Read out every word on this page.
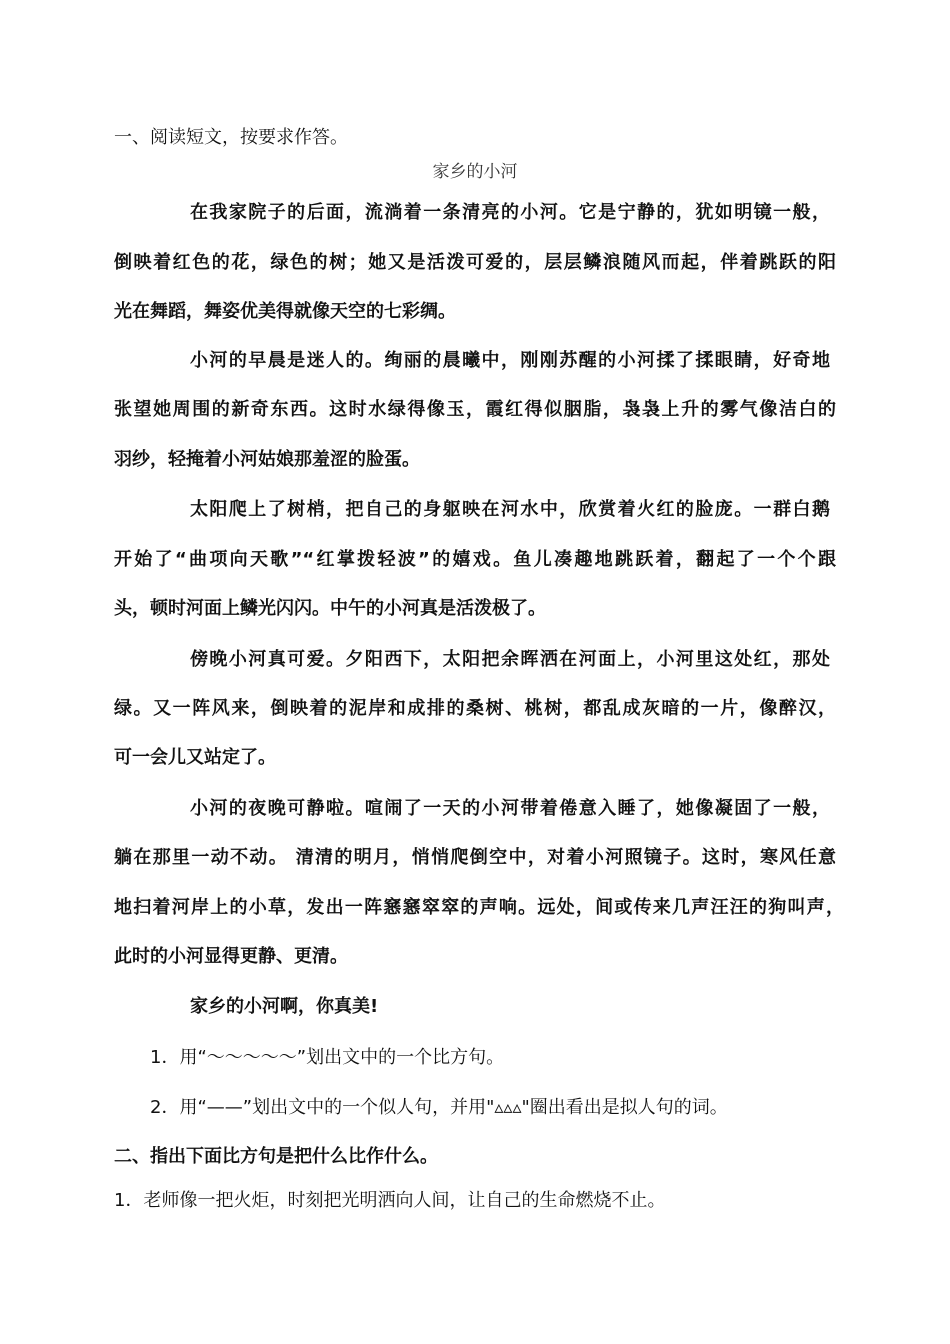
一、阅读短文，按要求作答。
家乡的小河
在我家院子的后面，流淌着一条清亮的小河。它是宁静的，犹如明镜一般，
倒映着红色的花，绿色的树；她又是活泼可爱的，层层鳞浪随风而起，伴着跳跃的阳
光在舞蹈，舞姿优美得就像天空的七彩绸。
小河的早晨是迷人的。绚丽的晨曦中，刚刚苏醒的小河揉了揉眼睛，好奇地
张望她周围的新奇东西。这时水绿得像玉，霞红得似胭脂，袅袅上升的雾气像洁白的
羽纱，轻掩着小河姑娘那羞涩的脸蛋。
太阳爬上了树梢，把自己的身躯映在河水中，欣赏着火红的脸庞。一群白鹅
开始了“曲项向天歌”“红掌拨轻波”的嬉戏。鱼儿凑趣地跳跃着，翻起了一个个跟
头，顿时河面上鳞光闪闪。中午的小河真是活泼极了。
傍晚小河真可爱。夕阳西下，太阳把余晖洒在河面上，小河里这处红，那处
绿。又一阵风来，倒映着的泥岸和成排的桑树、桃树，都乱成灰暗的一片，像醉汉，
可一会儿又站定了。
小河的夜晚可静啦。喧闹了一天的小河带着倦意入睡了，她像凝固了一般，
躺在那里一动不动。 清清的明月，悄悄爬倒空中，对着小河照镜子。这时，寒风任意
地扫着河岸上的小草，发出一阵窸窸窣窣的声响。远处，间或传来几声汪汪的狗叫声，
此时的小河显得更静、更清。
家乡的小河啊，你真美!
1．用“～～～～～”划出文中的一个比方句。
2．用“——”划出文中的一个似人句，并用"▵▵▵"圈出看出是拟人句的词。
二、指出下面比方句是把什么比作什么。
1．老师像一把火炬，时刻把光明洒向人间，让自己的生命燃烧不止。
